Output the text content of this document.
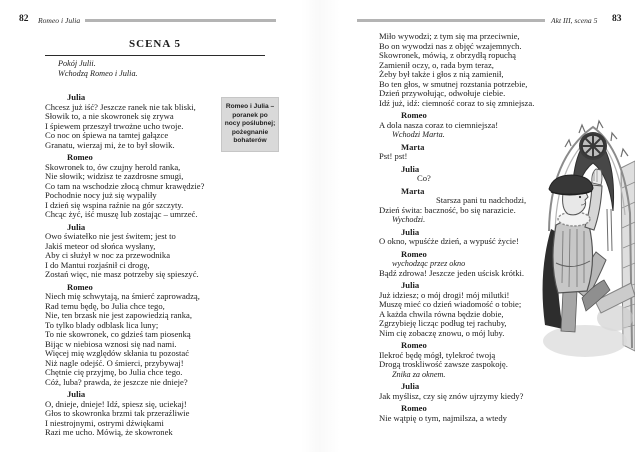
82 Romeo i Julia	Akt III, scena 5 83
SCENA 5
Pokój Julii.
Wchodzą Romeo i Julia.
Julia
Chcesz już iść? Jeszcze ranek nie tak bliski,
Słowik to, a nie skowronek się zrywa
I śpiewem przeszył trwożne ucho twoje.
Co noc on śpiewa na tamtej gałązce
Granatu, wierzaj mi, że to był słowik.
Romeo
Skowronek to, ów czujny herold ranka,
Nie słowik; widzisz te zazdrosne smugi,
Co tam na wschodzie złocą chmur krawędzie?
Pochodnie nocy już się wypaliły
I dzień się wspina raźnie na gór szczyty.
Chcąc żyć, iść muszę lub zostając – umrzeć.
Julia
Owo światełko nie jest świtem; jest to
Jakiś meteor od słońca wysłany,
Aby ci służył w noc za przewodnika
I do Mantui rozjaśnił ci drogę,
Zostań więc, nie masz potrzeby się spieszyć.
Romeo
Niech mię schwytają, na śmierć zaprowadzą,
Rad temu będę, bo Julia chce tego,
Nie, ten brzask nie jest zapowiedzią ranka,
To tylko blady odblask lica luny;
To nie skowronek, co gdzieś tam piosenką
Bijąc w niebiosa wznosi się nad nami.
Więcej mię względów skłania tu pozostać
Niż nagle odejść. O śmierci, przybywaj!
Chętnie cię przyjmę, bo Julia chce tego.
Cóż, luba? prawda, że jeszcze nie dnieje?
Julia
O, dnieje, dnieje! Idź, spiesz się, uciekaj!
Głos to skowronka brzmi tak przeraźliwie
I niestrojnymi, ostrymi dźwiękami
Razi me ucho. Mówią, że skowronek
Romeo i Julia –
poranek po
nocy poślubnej;
pożegnanie
bohaterów
Miło wywodzi; z tym się ma przeciwnie,
Bo on wywodzi nas z objęć wzajemnych.
Skowronek, mówią, z obrzydłą ropuchą
Zamienił oczy, o, rada bym teraz,
Żeby był także i głos z nią zamienił,
Bo ten głos, w smutnej rozstania potrzebie,
Dzień przywołując, odwołuje ciebie.
Idź już, idź: ciemność coraz to się zmniejsza.
Romeo
A dola nasza coraz to ciemniejsza!
Wchodzi Marta.
Marta
Pst! pst!
Julia
Co?
Marta
Starsza pani tu nadchodzi,
Dzień świta: baczność, bo się narazicie.
Wychodzi.
Julia
O okno, wpuśćże dzień, a wypuść życie!
Romeo
wychodząc przez okno
Bądź zdrowa! Jeszcze jeden uścisk krótki.
Julia
Już idziesz; o mój drogi! mój milutki!
Muszę mieć co dzień wiadomość o tobie;
A każda chwila równa będzie dobie,
Zgrzybieję licząc podług tej rachuby,
Nim cię zobaczę znowu, o mój luby.
Romeo
Ilekroć będę mógł, tylekroć twoją
Drogą troskliwość zawsze zaspokoję.
Znika za oknem.
Julia
Jak myślisz, czy się znów ujrzymy kiedy?
Romeo
Nie wątpię o tym, najmilsza, a wtedy
